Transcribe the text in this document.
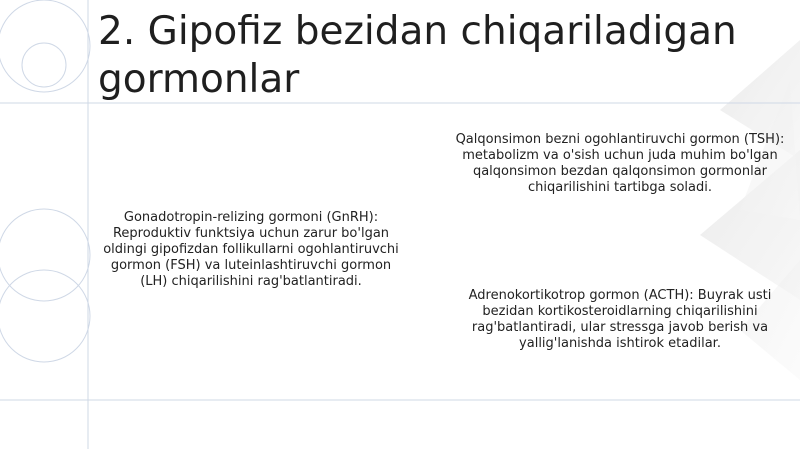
2. Gipofiz bezidan chiqariladigan gormonlar

Gonadotropin-relizing gormoni (GnRH): Reproduktiv funktsiya uchun zarur bo'lgan oldingi gipofizdan follikullarni ogohlantiruvchi gormon (FSH) va luteinlashtiruvchi gormon (LH) chiqarilishini rag'batlantiradi.

Qalqonsimon bezni ogohlantiruvchi gormon (TSH): metabolizm va o'sish uchun juda muhim bo'lgan qalqonsimon bezdan qalqonsimon gormonlar chiqarilishini tartibga soladi.

Adrenokortikotrop gormon (ACTH): Buyrak usti bezidan kortikosteroidlarning chiqarilishini rag'batlantiradi, ular stressga javob berish va yallig'lanishda ishtirok etadilar.
